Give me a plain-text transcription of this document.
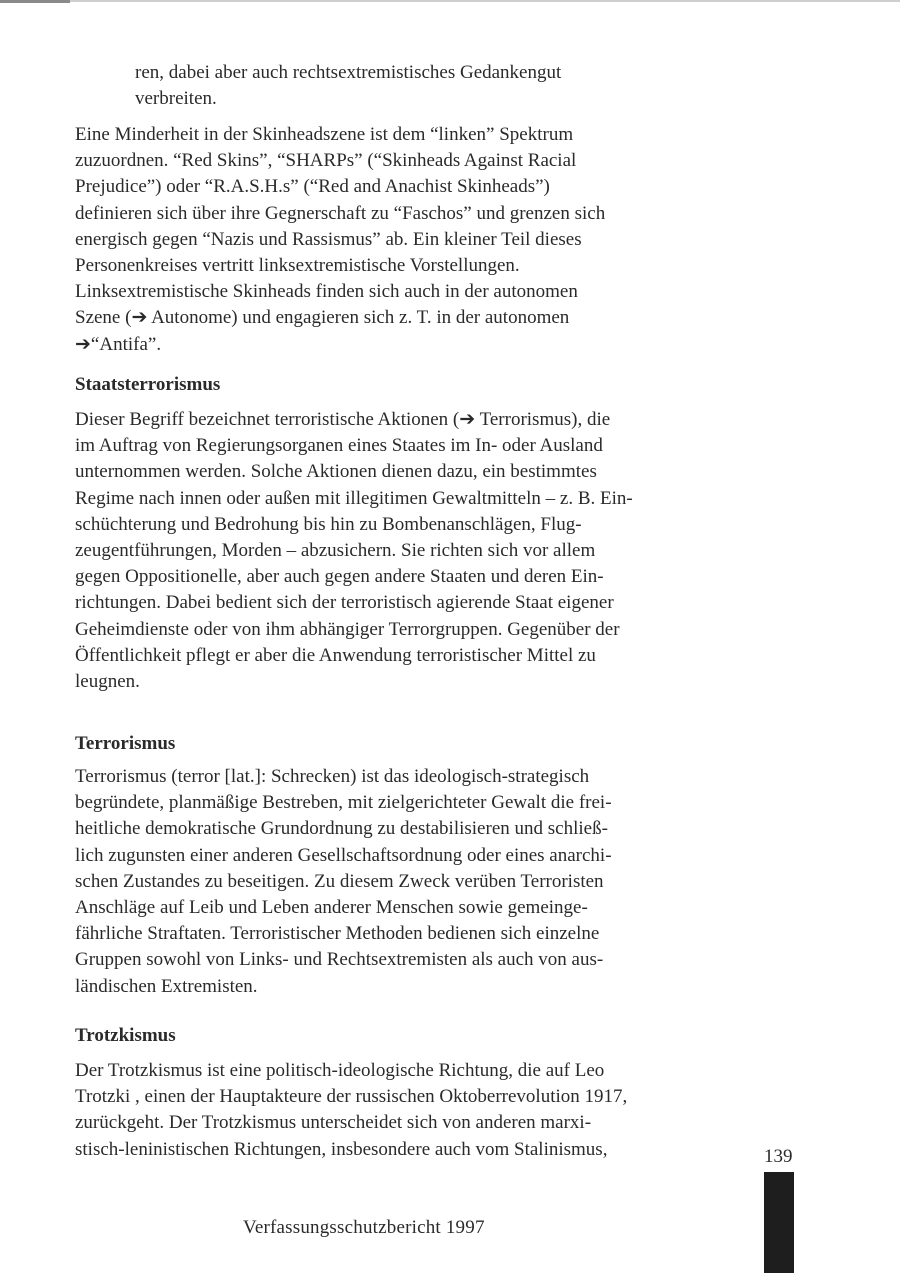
ren, dabei aber auch rechtsextremistisches Gedankengut
verbreiten.

Eine Minderheit in der Skinheadszene ist dem “linken” Spektrum
zuzuordnen. “Red Skins”, “SHARPs” (“Skinheads Against Racial
Prejudice”) oder “R.A.S.H.s” (“Red and Anachist Skinheads”)
definieren sich über ihre Gegnerschaft zu “Faschos” und grenzen sich
energisch gegen “Nazis und Rassismus” ab. Ein kleiner Teil dieses
Personenkreises vertritt linksextremistische Vorstellungen.
Linksextremistische Skinheads finden sich auch in der autonomen
Szene (➔ Autonome) und engagieren sich z. T. in der autonomen
➔“Antifa”.

Staatsterrorismus

Dieser Begriff bezeichnet terroristische Aktionen (➔ Terrorismus), die
im Auftrag von Regierungsorganen eines Staates im In- oder Ausland
unternommen werden. Solche Aktionen dienen dazu, ein bestimmtes
Regime nach innen oder außen mit illegitimen Gewaltmitteln – z. B. Ein-
schüchterung und Bedrohung bis hin zu Bombenanschlägen, Flug-
zeugentführungen, Morden – abzusichern. Sie richten sich vor allem
gegen Oppositionelle, aber auch gegen andere Staaten und deren Ein-
richtungen. Dabei bedient sich der terroristisch agierende Staat eigener
Geheimdienste oder von ihm abhängiger Terrorgruppen. Gegenüber der
Öffentlichkeit pflegt er aber die Anwendung terroristischer Mittel zu
leugnen.

Terrorismus

Terrorismus (terror [lat.]: Schrecken) ist das ideologisch-strategisch
begründete, planmäßige Bestreben, mit zielgerichteter Gewalt die frei-
heitliche demokratische Grundordnung zu destabilisieren und schließ-
lich zugunsten einer anderen Gesellschaftsordnung oder eines anarchi-
schen Zustandes zu beseitigen. Zu diesem Zweck verüben Terroristen
Anschläge auf Leib und Leben anderer Menschen sowie gemeinge-
fährliche Straftaten. Terroristischer Methoden bedienen sich einzelne
Gruppen sowohl von Links- und Rechtsextremisten als auch von aus-
ländischen Extremisten.

Trotzkismus

Der Trotzkismus ist eine politisch-ideologische Richtung, die auf Leo
Trotzki , einen der Hauptakteure der russischen Oktoberrevolution 1917,
zurückgeht. Der Trotzkismus unterscheidet sich von anderen marxi-
stisch-leninistischen Richtungen, insbesondere auch vom Stalinismus,	139
Verfassungsschutzbericht 1997
